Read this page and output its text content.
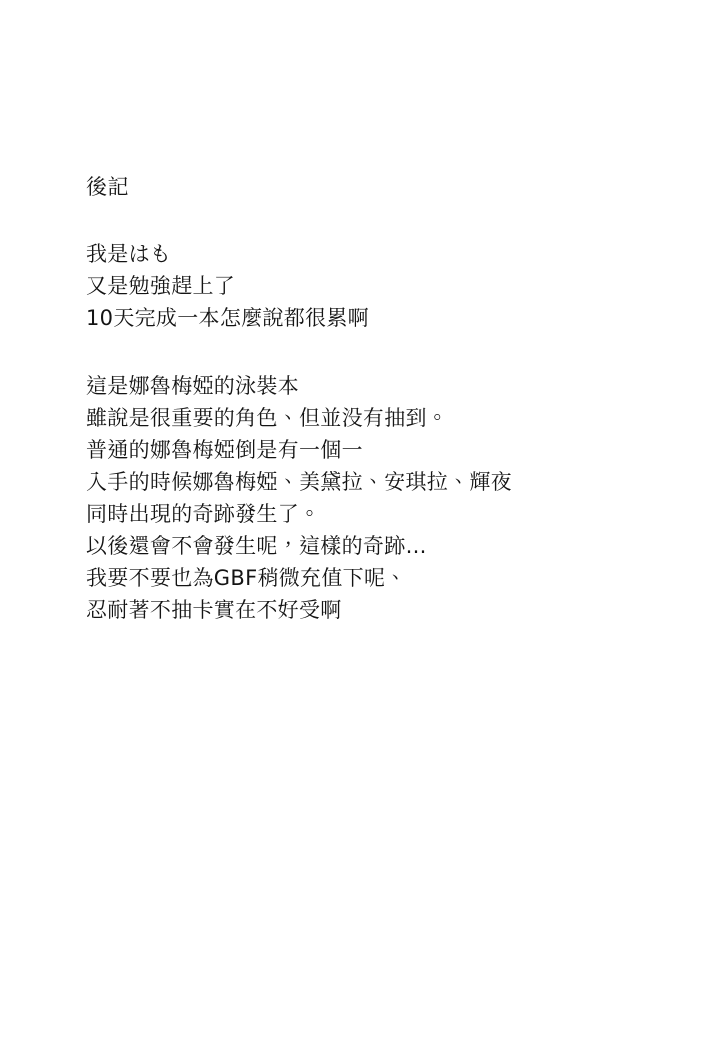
後記
我是はも
又是勉強趕上了
10天完成一本怎麼說都很累啊
這是娜魯梅婭的泳裝本
雖說是很重要的角色、但並没有抽到。
普通的娜魯梅婭倒是有一個一
入手的時候娜魯梅婭、美黛拉、安琪拉、輝夜
同時出現的奇跡發生了。
以後還會不會發生呢，這樣的奇跡…
我要不要也為GBF稍微充值下呢、
忍耐著不抽卡實在不好受啊
